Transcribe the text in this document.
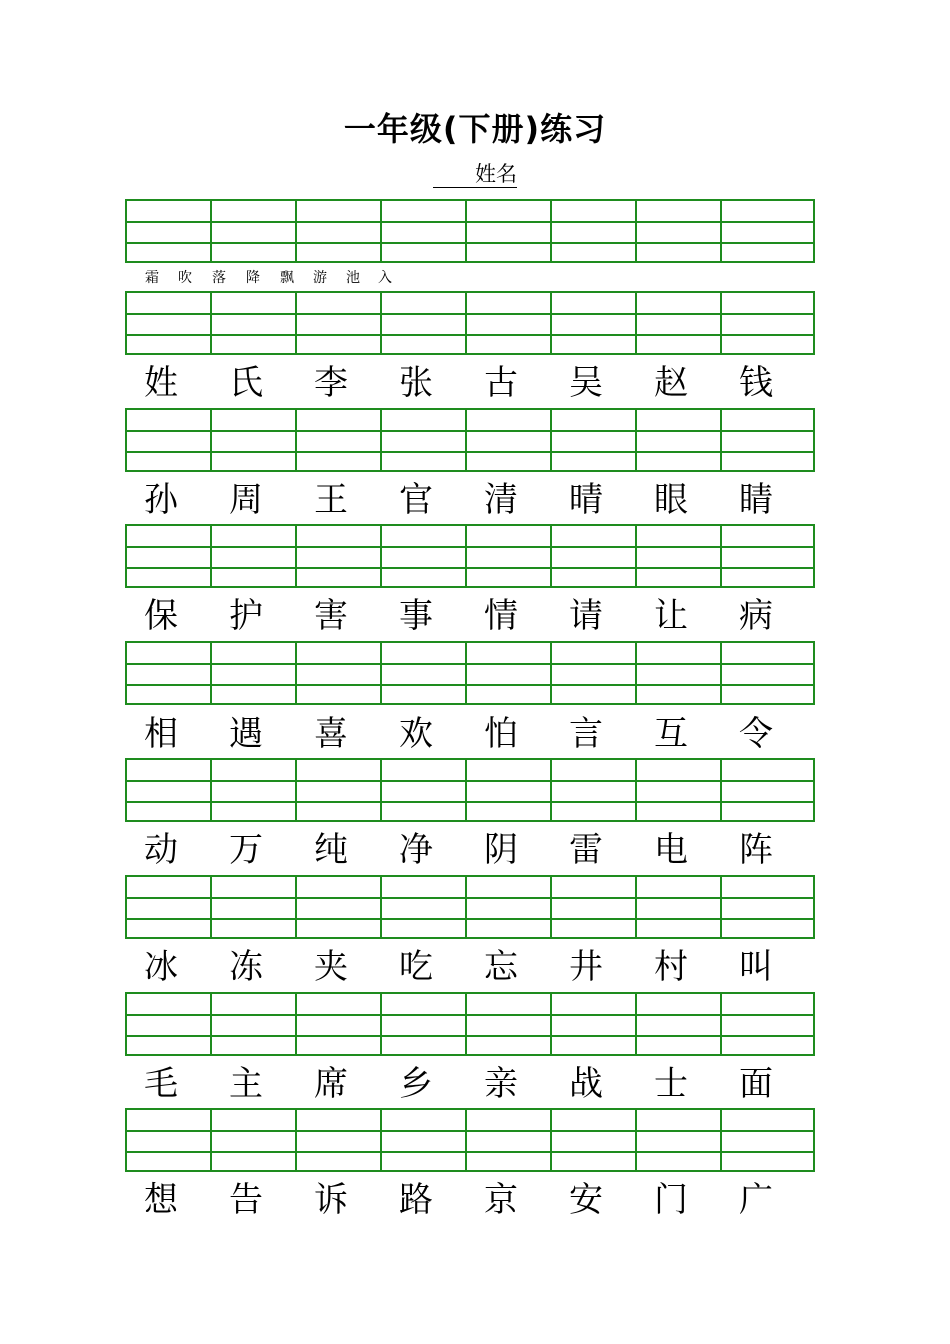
一年级(下册)练习
姓名
霜	吹	落	降	飘	游	池	入
姓	氏	李	张	古	吴	赵	钱
孙	周	王	官	清	晴	眼	睛
保	护	害	事	情	请	让	病
相	遇	喜	欢	怕	言	互	令
动	万	纯	净	阴	雷	电	阵
冰	冻	夹	吃	忘	井	村	叫
毛	主	席	乡	亲	战	士	面
想	告	诉	路	京	安	门	广
